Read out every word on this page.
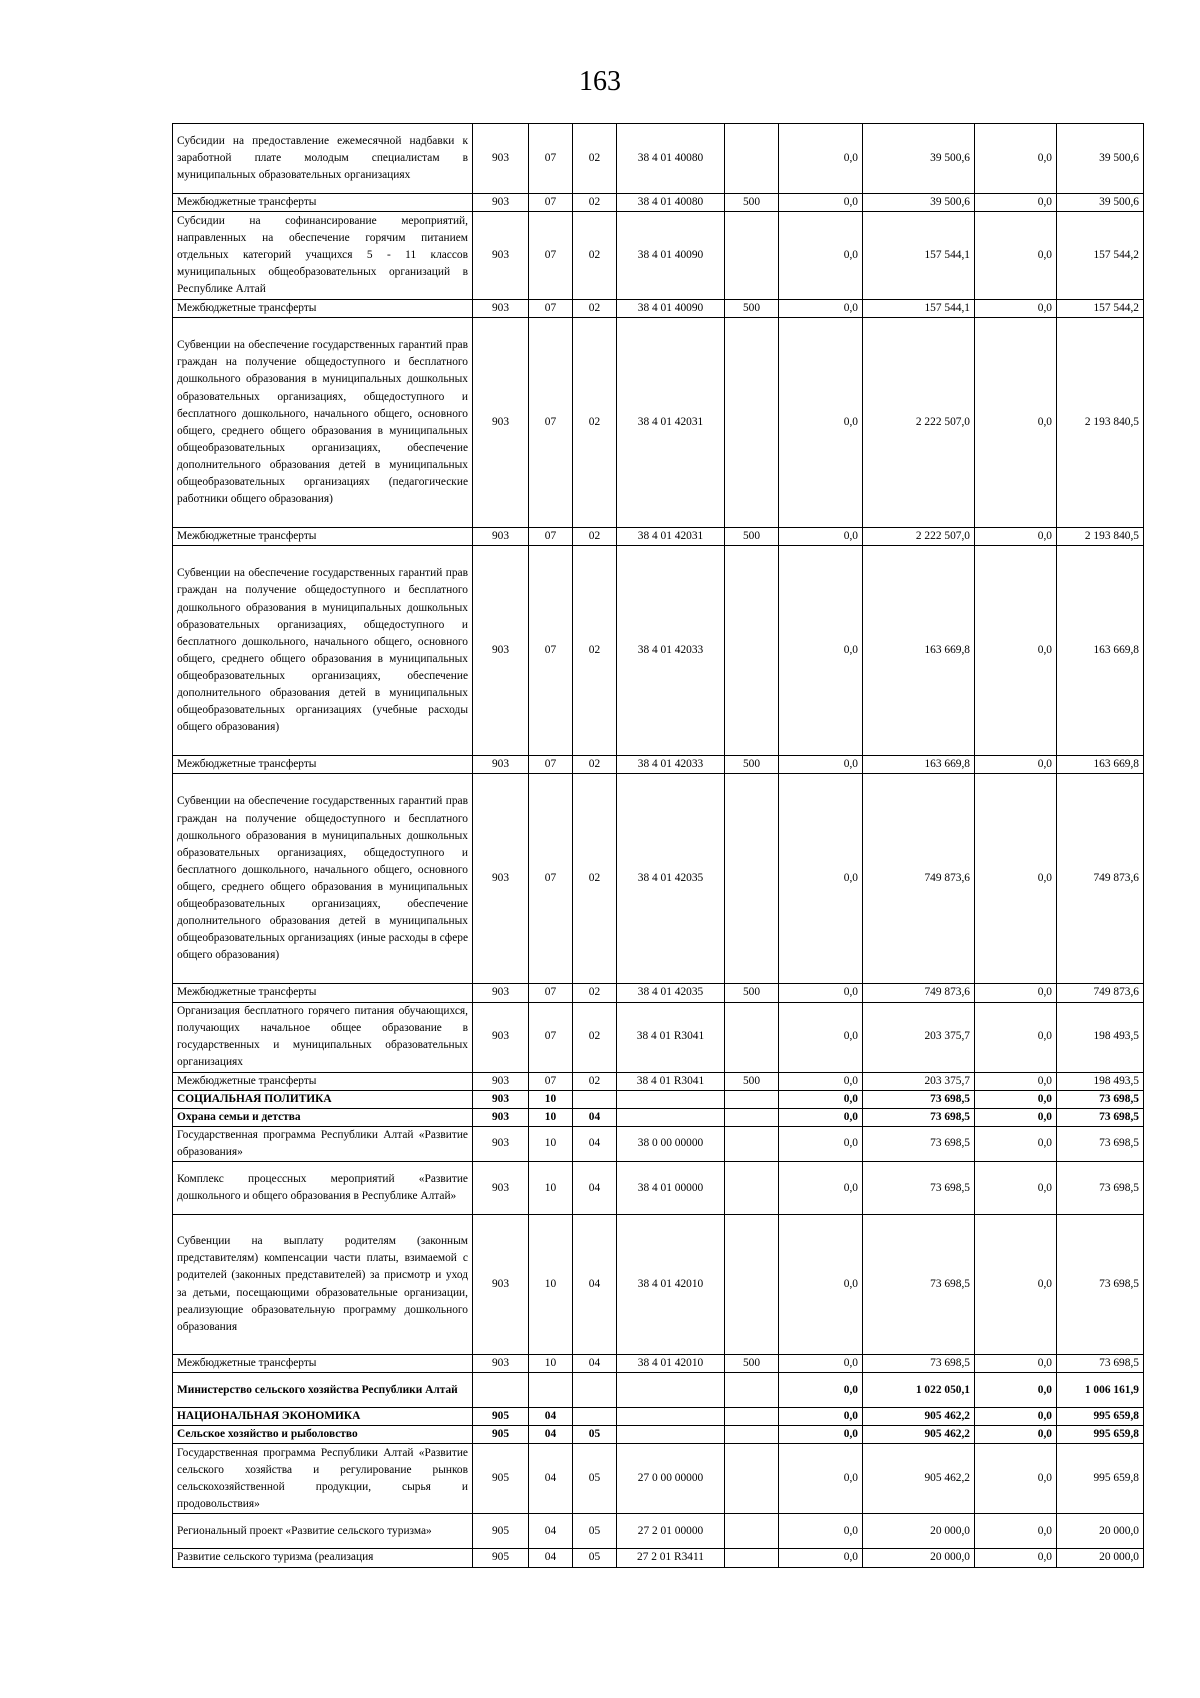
163
Субсидии на предоставление ежемесячной надбавки к заработной плате молодым специалистам в муниципальных образовательных организациях	903	07	02	38 4 01 40080		0,0	39 500,6	0,0	39 500,6
Межбюджетные трансферты	903	07	02	38 4 01 40080	500	0,0	39 500,6	0,0	39 500,6
Субсидии на софинансирование мероприятий, направленных на обеспечение горячим питанием отдельных категорий учащихся 5 - 11 классов муниципальных общеобразовательных организаций в Республике Алтай	903	07	02	38 4 01 40090		0,0	157 544,1	0,0	157 544,2
Межбюджетные трансферты	903	07	02	38 4 01 40090	500	0,0	157 544,1	0,0	157 544,2
Субвенции на обеспечение государственных гарантий прав граждан на получение общедоступного и бесплатного дошкольного образования в муниципальных дошкольных образовательных организациях, общедоступного и бесплатного дошкольного, начального общего, основного общего, среднего общего образования в муниципальных общеобразовательных организациях, обеспечение дополнительного образования детей в муниципальных общеобразовательных организациях (педагогические работники общего образования)	903	07	02	38 4 01 42031		0,0	2 222 507,0	0,0	2 193 840,5
Межбюджетные трансферты	903	07	02	38 4 01 42031	500	0,0	2 222 507,0	0,0	2 193 840,5
Субвенции на обеспечение государственных гарантий прав граждан на получение общедоступного и бесплатного дошкольного образования в муниципальных дошкольных образовательных организациях, общедоступного и бесплатного дошкольного, начального общего, основного общего, среднего общего образования в муниципальных общеобразовательных организациях, обеспечение дополнительного образования детей в муниципальных общеобразовательных организациях (учебные расходы общего образования)	903	07	02	38 4 01 42033		0,0	163 669,8	0,0	163 669,8
Межбюджетные трансферты	903	07	02	38 4 01 42033	500	0,0	163 669,8	0,0	163 669,8
Субвенции на обеспечение государственных гарантий прав граждан на получение общедоступного и бесплатного дошкольного образования в муниципальных дошкольных образовательных организациях, общедоступного и бесплатного дошкольного, начального общего, основного общего, среднего общего образования в муниципальных общеобразовательных организациях, обеспечение дополнительного образования детей в муниципальных общеобразовательных организациях (иные расходы в сфере общего образования)	903	07	02	38 4 01 42035		0,0	749 873,6	0,0	749 873,6
Межбюджетные трансферты	903	07	02	38 4 01 42035	500	0,0	749 873,6	0,0	749 873,6
Организация бесплатного горячего питания обучающихся, получающих начальное общее образование в государственных и муниципальных образовательных организациях	903	07	02	38 4 01 R3041		0,0	203 375,7	0,0	198 493,5
Межбюджетные трансферты	903	07	02	38 4 01 R3041	500	0,0	203 375,7	0,0	198 493,5
СОЦИАЛЬНАЯ ПОЛИТИКА	903	10				0,0	73 698,5	0,0	73 698,5
Охрана семьи и детства	903	10	04			0,0	73 698,5	0,0	73 698,5
Государственная программа Республики Алтай «Развитие образования»	903	10	04	38 0 00 00000		0,0	73 698,5	0,0	73 698,5
Комплекс процессных мероприятий «Развитие дошкольного и общего образования в Республике Алтай»	903	10	04	38 4 01 00000		0,0	73 698,5	0,0	73 698,5
Субвенции на выплату родителям (законным представителям) компенсации части платы, взимаемой с родителей (законных представителей) за присмотр и уход за детьми, посещающими образовательные организации, реализующие образовательную программу дошкольного образования	903	10	04	38 4 01 42010		0,0	73 698,5	0,0	73 698,5
Межбюджетные трансферты	903	10	04	38 4 01 42010	500	0,0	73 698,5	0,0	73 698,5
Министерство сельского хозяйства Республики Алтай						0,0	1 022 050,1	0,0	1 006 161,9
НАЦИОНАЛЬНАЯ ЭКОНОМИКА	905	04				0,0	905 462,2	0,0	995 659,8
Сельское хозяйство и рыболовство	905	04	05			0,0	905 462,2	0,0	995 659,8
Государственная программа Республики Алтай «Развитие сельского хозяйства и регулирование рынков сельскохозяйственной продукции, сырья и продовольствия»	905	04	05	27 0 00 00000		0,0	905 462,2	0,0	995 659,8
Региональный проект «Развитие сельского туризма»	905	04	05	27 2 01 00000		0,0	20 000,0	0,0	20 000,0
Развитие сельского туризма (реализация	905	04	05	27 2 01 R3411		0,0	20 000,0	0,0	20 000,0
